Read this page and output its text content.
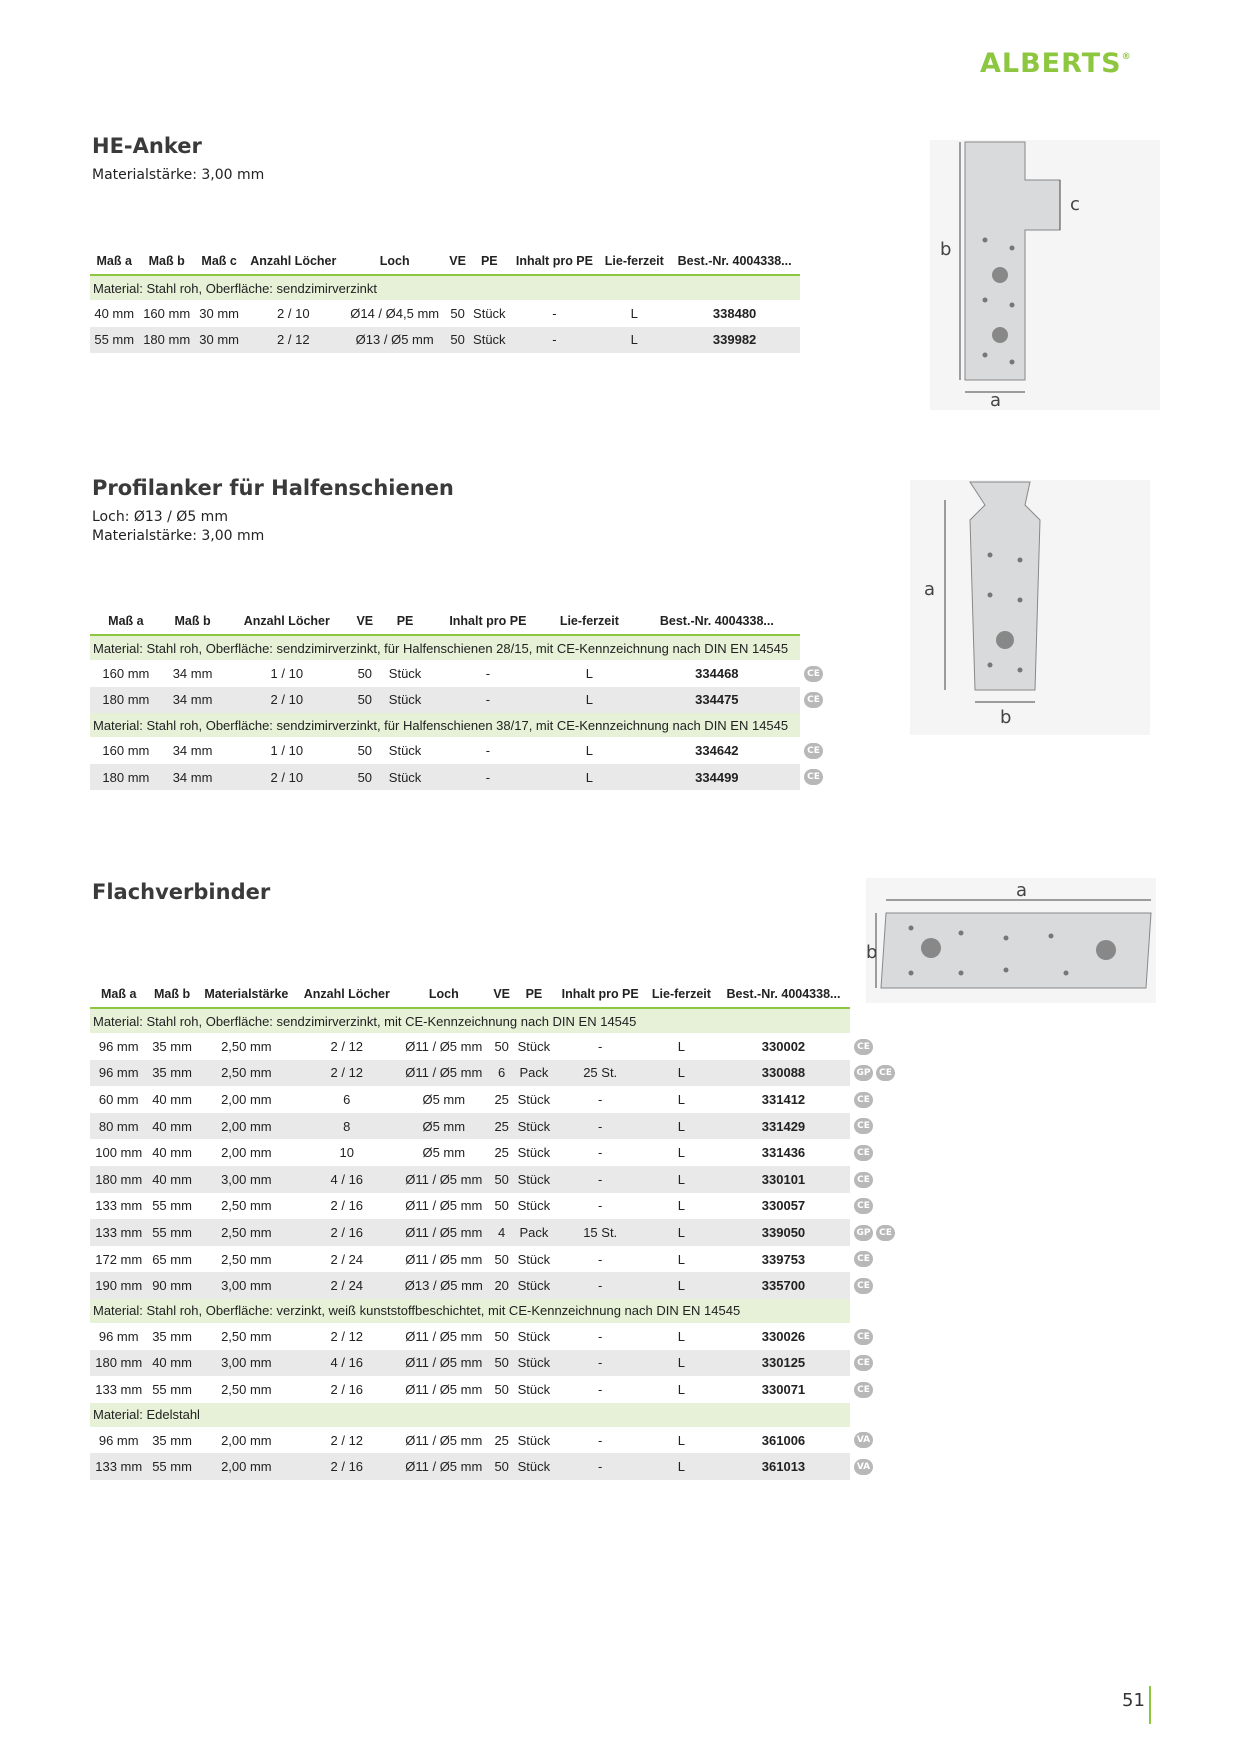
ALBERTS®
HE-Anker
Materialstärke: 3,00 mm
Maß a	Maß b	Maß c	Anzahl Löcher	Loch	VE	PE	Inhalt pro PE	Lie-ferzeit	Best.-Nr. 4004338...	
Material: Stahl roh, Oberfläche: sendzimirverzinkt										
40 mm	160 mm	30 mm	2 / 10	Ø14 / Ø4,5 mm	50	Stück	-	L	338480	
55 mm	180 mm	30 mm	2 / 12	Ø13 / Ø5 mm	50	Stück	-	L	339982	
b
c
a
Profilanker für Halfenschienen
Loch: Ø13 / Ø5 mm
Materialstärke: 3,00 mm
Maß a	Maß b	Anzahl Löcher	VE	PE	Inhalt pro PE	Lie-ferzeit	Best.-Nr. 4004338...	
Material: Stahl roh, Oberfläche: sendzimirverzinkt, für Halfenschienen 28/15, mit CE-Kennzeichnung nach DIN EN 14545								
160 mm	34 mm	1 / 10	50	Stück	-	L	334468	CE
180 mm	34 mm	2 / 10	50	Stück	-	L	334475	CE
Material: Stahl roh, Oberfläche: sendzimirverzinkt, für Halfenschienen 38/17, mit CE-Kennzeichnung nach DIN EN 14545								
160 mm	34 mm	1 / 10	50	Stück	-	L	334642	CE
180 mm	34 mm	2 / 10	50	Stück	-	L	334499	CE
a
b
Flachverbinder
Maß a	Maß b	Materialstärke	Anzahl Löcher	Loch	VE	PE	Inhalt pro PE	Lie-ferzeit	Best.-Nr. 4004338...	
Material: Stahl roh, Oberfläche: sendzimirverzinkt, mit CE-Kennzeichnung nach DIN EN 14545										
96 mm	35 mm	2,50 mm	2 / 12	Ø11 / Ø5 mm	50	Stück	-	L	330002	CE
96 mm	35 mm	2,50 mm	2 / 12	Ø11 / Ø5 mm	6	Pack	25 St.	L	330088	GP CE
60 mm	40 mm	2,00 mm	6	Ø5 mm	25	Stück	-	L	331412	CE
80 mm	40 mm	2,00 mm	8	Ø5 mm	25	Stück	-	L	331429	CE
100 mm	40 mm	2,00 mm	10	Ø5 mm	25	Stück	-	L	331436	CE
180 mm	40 mm	3,00 mm	4 / 16	Ø11 / Ø5 mm	50	Stück	-	L	330101	CE
133 mm	55 mm	2,50 mm	2 / 16	Ø11 / Ø5 mm	50	Stück	-	L	330057	CE
133 mm	55 mm	2,50 mm	2 / 16	Ø11 / Ø5 mm	4	Pack	15 St.	L	339050	GP CE
172 mm	65 mm	2,50 mm	2 / 24	Ø11 / Ø5 mm	50	Stück	-	L	339753	CE
190 mm	90 mm	3,00 mm	2 / 24	Ø13 / Ø5 mm	20	Stück	-	L	335700	CE
Material: Stahl roh, Oberfläche: verzinkt, weiß kunststoffbeschichtet, mit CE-Kennzeichnung nach DIN EN 14545										
96 mm	35 mm	2,50 mm	2 / 12	Ø11 / Ø5 mm	50	Stück	-	L	330026	CE
180 mm	40 mm	3,00 mm	4 / 16	Ø11 / Ø5 mm	50	Stück	-	L	330125	CE
133 mm	55 mm	2,50 mm	2 / 16	Ø11 / Ø5 mm	50	Stück	-	L	330071	CE
Material: Edelstahl										
96 mm	35 mm	2,00 mm	2 / 12	Ø11 / Ø5 mm	25	Stück	-	L	361006	VA
133 mm	55 mm	2,00 mm	2 / 16	Ø11 / Ø5 mm	50	Stück	-	L	361013	VA
a
b
51
